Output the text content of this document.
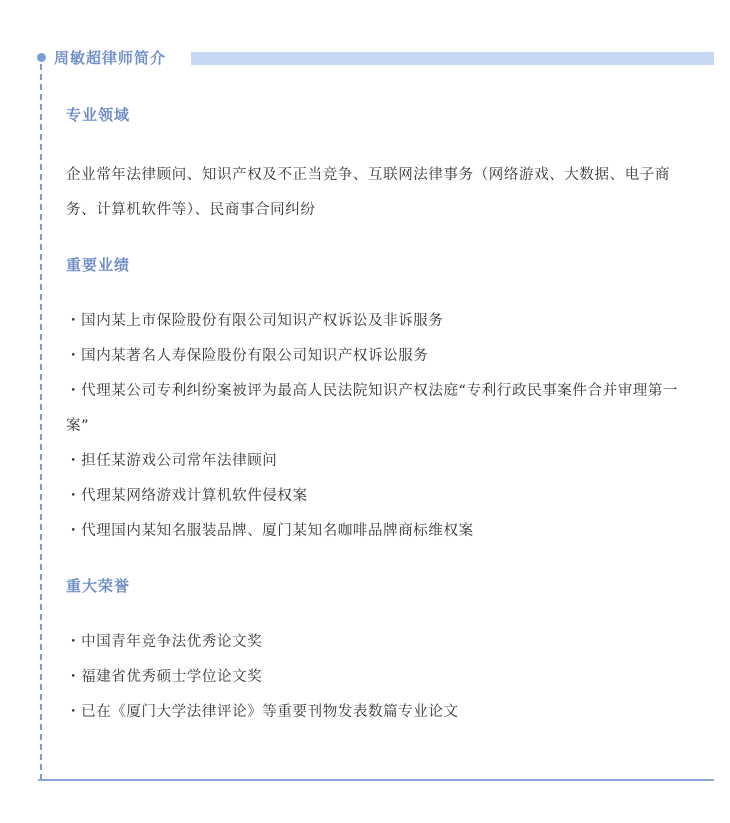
周敏超律师简介
专业领域

企业常年法律顾问、知识产权及不正当竞争、互联网法律事务（网络游戏、大数据、电子商务、计算机软件等）、民商事合同纠纷

重要业绩
・国内某上市保险股份有限公司知识产权诉讼及非诉服务
・国内某著名人寿保险股份有限公司知识产权诉讼服务
・代理某公司专利纠纷案被评为最高人民法院知识产权法庭“专利行政民事案件合并审理第一案”
・担任某游戏公司常年法律顾问
・代理某网络游戏计算机软件侵权案
・代理国内某知名服装品牌、厦门某知名咖啡品牌商标维权案
重大荣誉
・中国青年竞争法优秀论文奖
・福建省优秀硕士学位论文奖
・已在《厦门大学法律评论》等重要刊物发表数篇专业论文
